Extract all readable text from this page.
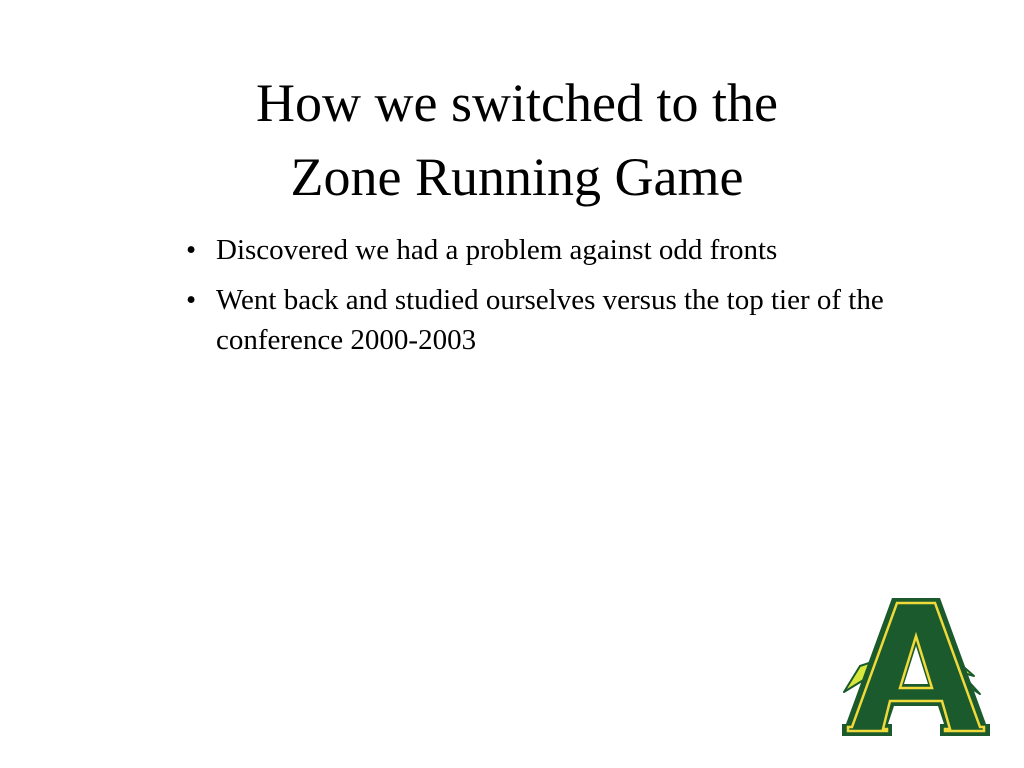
How we switched to the
Zone Running Game
• Discovered we had a problem against odd fronts
• Went back and studied ourselves versus the top tier of the conference 2000-2003
